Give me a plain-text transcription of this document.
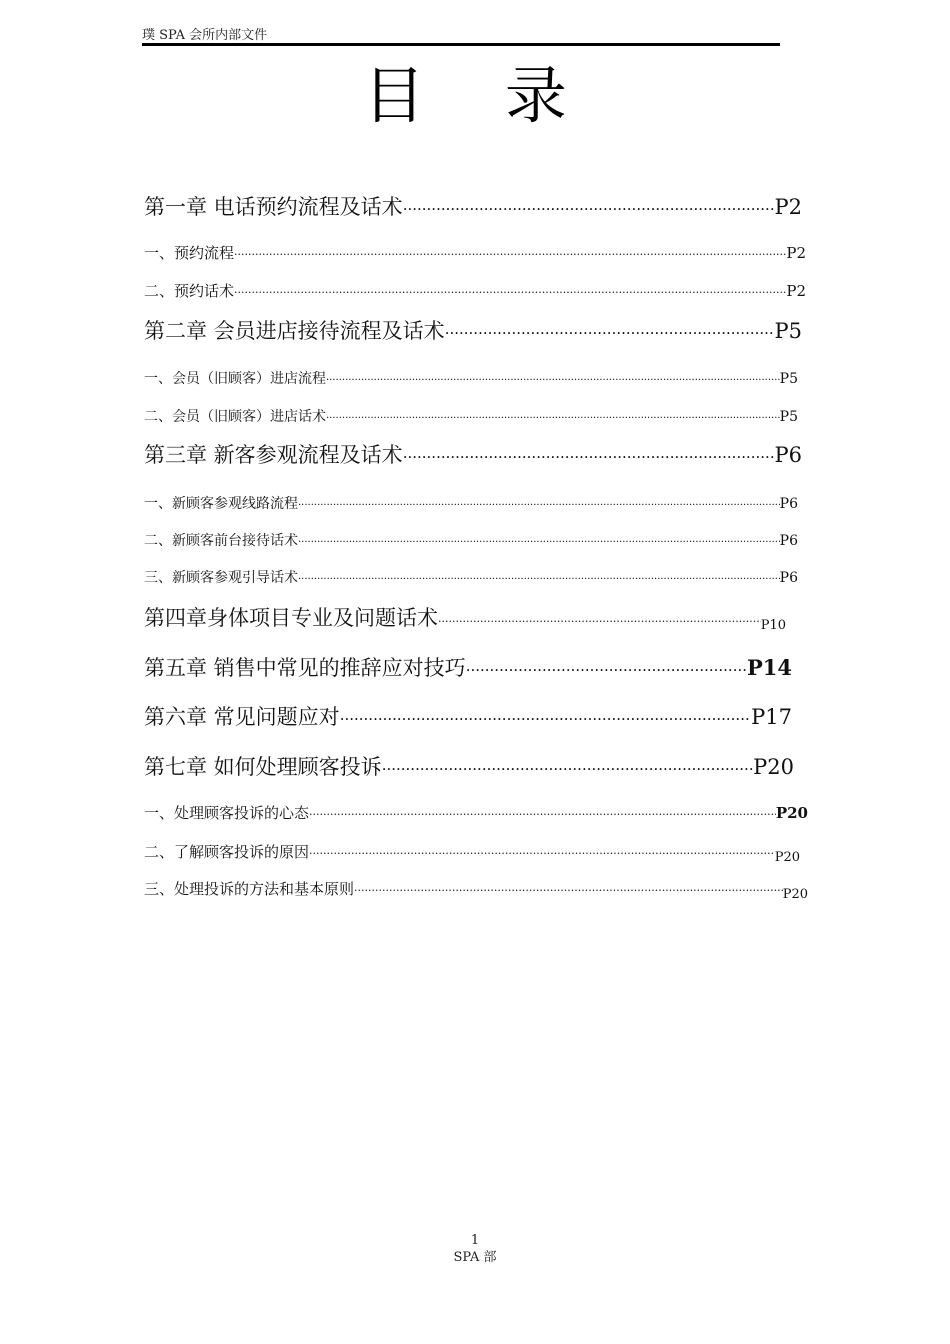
璞 SPA 会所内部文件
目 录
第一章 电话预约流程及话术 ·····	P2
一、预约流程 ·····	P2
二、预约话术 ·····	P2
第二章 会员进店接待流程及话术 ·····	P5
一、会员（旧顾客）进店流程 ·····	P5
二、会员（旧顾客）进店话术 ·····	P5
第三章 新客参观流程及话术 ·····	P6
一、新顾客参观线路流程 ·····	P6
二、新顾客前台接待话术 ·····	P6
三、新顾客参观引导话术 ·····	P6
第四章身体项目专业及问题话术 ·····	P10
第五章 销售中常见的推辞应对技巧 ·····	P14
第六章 常见问题应对 ·····	P17
第七章 如何处理顾客投诉 ·····	P20
一、处理顾客投诉的心态 ·····	P20
二、了解顾客投诉的原因 ·····	P20
三、处理投诉的方法和基本原则 ·····	P20
1
SPA 部
